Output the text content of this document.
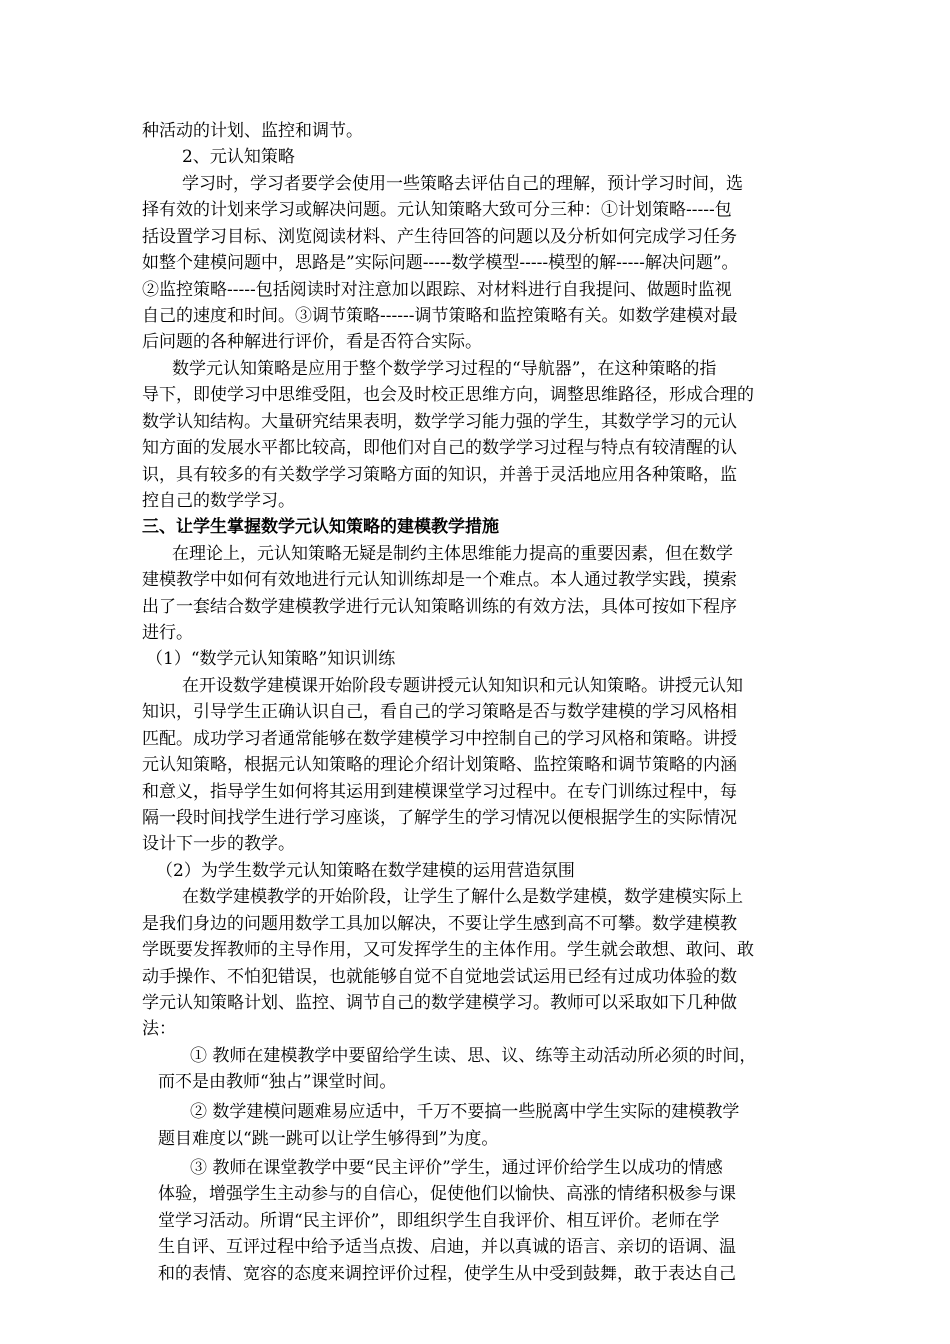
种活动的计划、监控和调节。
2、元认知策略
学习时，学习者要学会使用一些策略去评估自己的理解，预计学习时间，选
择有效的计划来学习或解决问题。元认知策略大致可分三种：①计划策略-----包
括设置学习目标、浏览阅读材料、产生待回答的问题以及分析如何完成学习任务
如整个建模问题中，思路是”实际问题-----数学模型-----模型的解-----解决问题”。
②监控策略-----包括阅读时对注意加以跟踪、对材料进行自我提问、做题时监视
自己的速度和时间。③调节策略------调节策略和监控策略有关。如数学建模对最
后问题的各种解进行评价，看是否符合实际。
数学元认知策略是应用于整个数学学习过程的“导航器”，在这种策略的指
导下，即使学习中思维受阻，也会及时校正思维方向，调整思维路径，形成合理的
数学认知结构。大量研究结果表明，数学学习能力强的学生，其数学学习的元认
知方面的发展水平都比较高，即他们对自己的数学学习过程与特点有较清醒的认
识，具有较多的有关数学学习策略方面的知识，并善于灵活地应用各种策略，监
控自己的数学学习。
三、让学生掌握数学元认知策略的建模教学措施
在理论上，元认知策略无疑是制约主体思维能力提高的重要因素，但在数学
建模教学中如何有效地进行元认知训练却是一个难点。本人通过教学实践，摸索
出了一套结合数学建模教学进行元认知策略训练的有效方法，具体可按如下程序
进行。
（1）“数学元认知策略”知识训练
在开设数学建模课开始阶段专题讲授元认知知识和元认知策略。讲授元认知
知识，引导学生正确认识自己，看自己的学习策略是否与数学建模的学习风格相
匹配。成功学习者通常能够在数学建模学习中控制自己的学习风格和策略。讲授
元认知策略，根据元认知策略的理论介绍计划策略、监控策略和调节策略的内涵
和意义，指导学生如何将其运用到建模课堂学习过程中。在专门训练过程中，每
隔一段时间找学生进行学习座谈，了解学生的学习情况以便根据学生的实际情况
设计下一步的教学。
（2）为学生数学元认知策略在数学建模的运用营造氛围
在数学建模教学的开始阶段，让学生了解什么是数学建模，数学建模实际上
是我们身边的问题用数学工具加以解决，不要让学生感到高不可攀。数学建模教
学既要发挥教师的主导作用，又可发挥学生的主体作用。学生就会敢想、敢问、敢
动手操作、不怕犯错误，也就能够自觉不自觉地尝试运用已经有过成功体验的数
学元认知策略计划、监控、调节自己的数学建模学习。教师可以采取如下几种做
法：
① 教师在建模教学中要留给学生读、思、议、练等主动活动所必须的时间，
而不是由教师“独占”课堂时间。
② 数学建模问题难易应适中，千万不要搞一些脱离中学生实际的建模教学
题目难度以“跳一跳可以让学生够得到”为度。
③ 教师在课堂教学中要“民主评价”学生，通过评价给学生以成功的情感
体验，增强学生主动参与的自信心，促使他们以愉快、高涨的情绪积极参与课
堂学习活动。所谓“民主评价”，即组织学生自我评价、相互评价。老师在学
生自评、互评过程中给予适当点拨、启迪，并以真诚的语言、亲切的语调、温
和的表情、宽容的态度来调控评价过程，使学生从中受到鼓舞，敢于表达自己
